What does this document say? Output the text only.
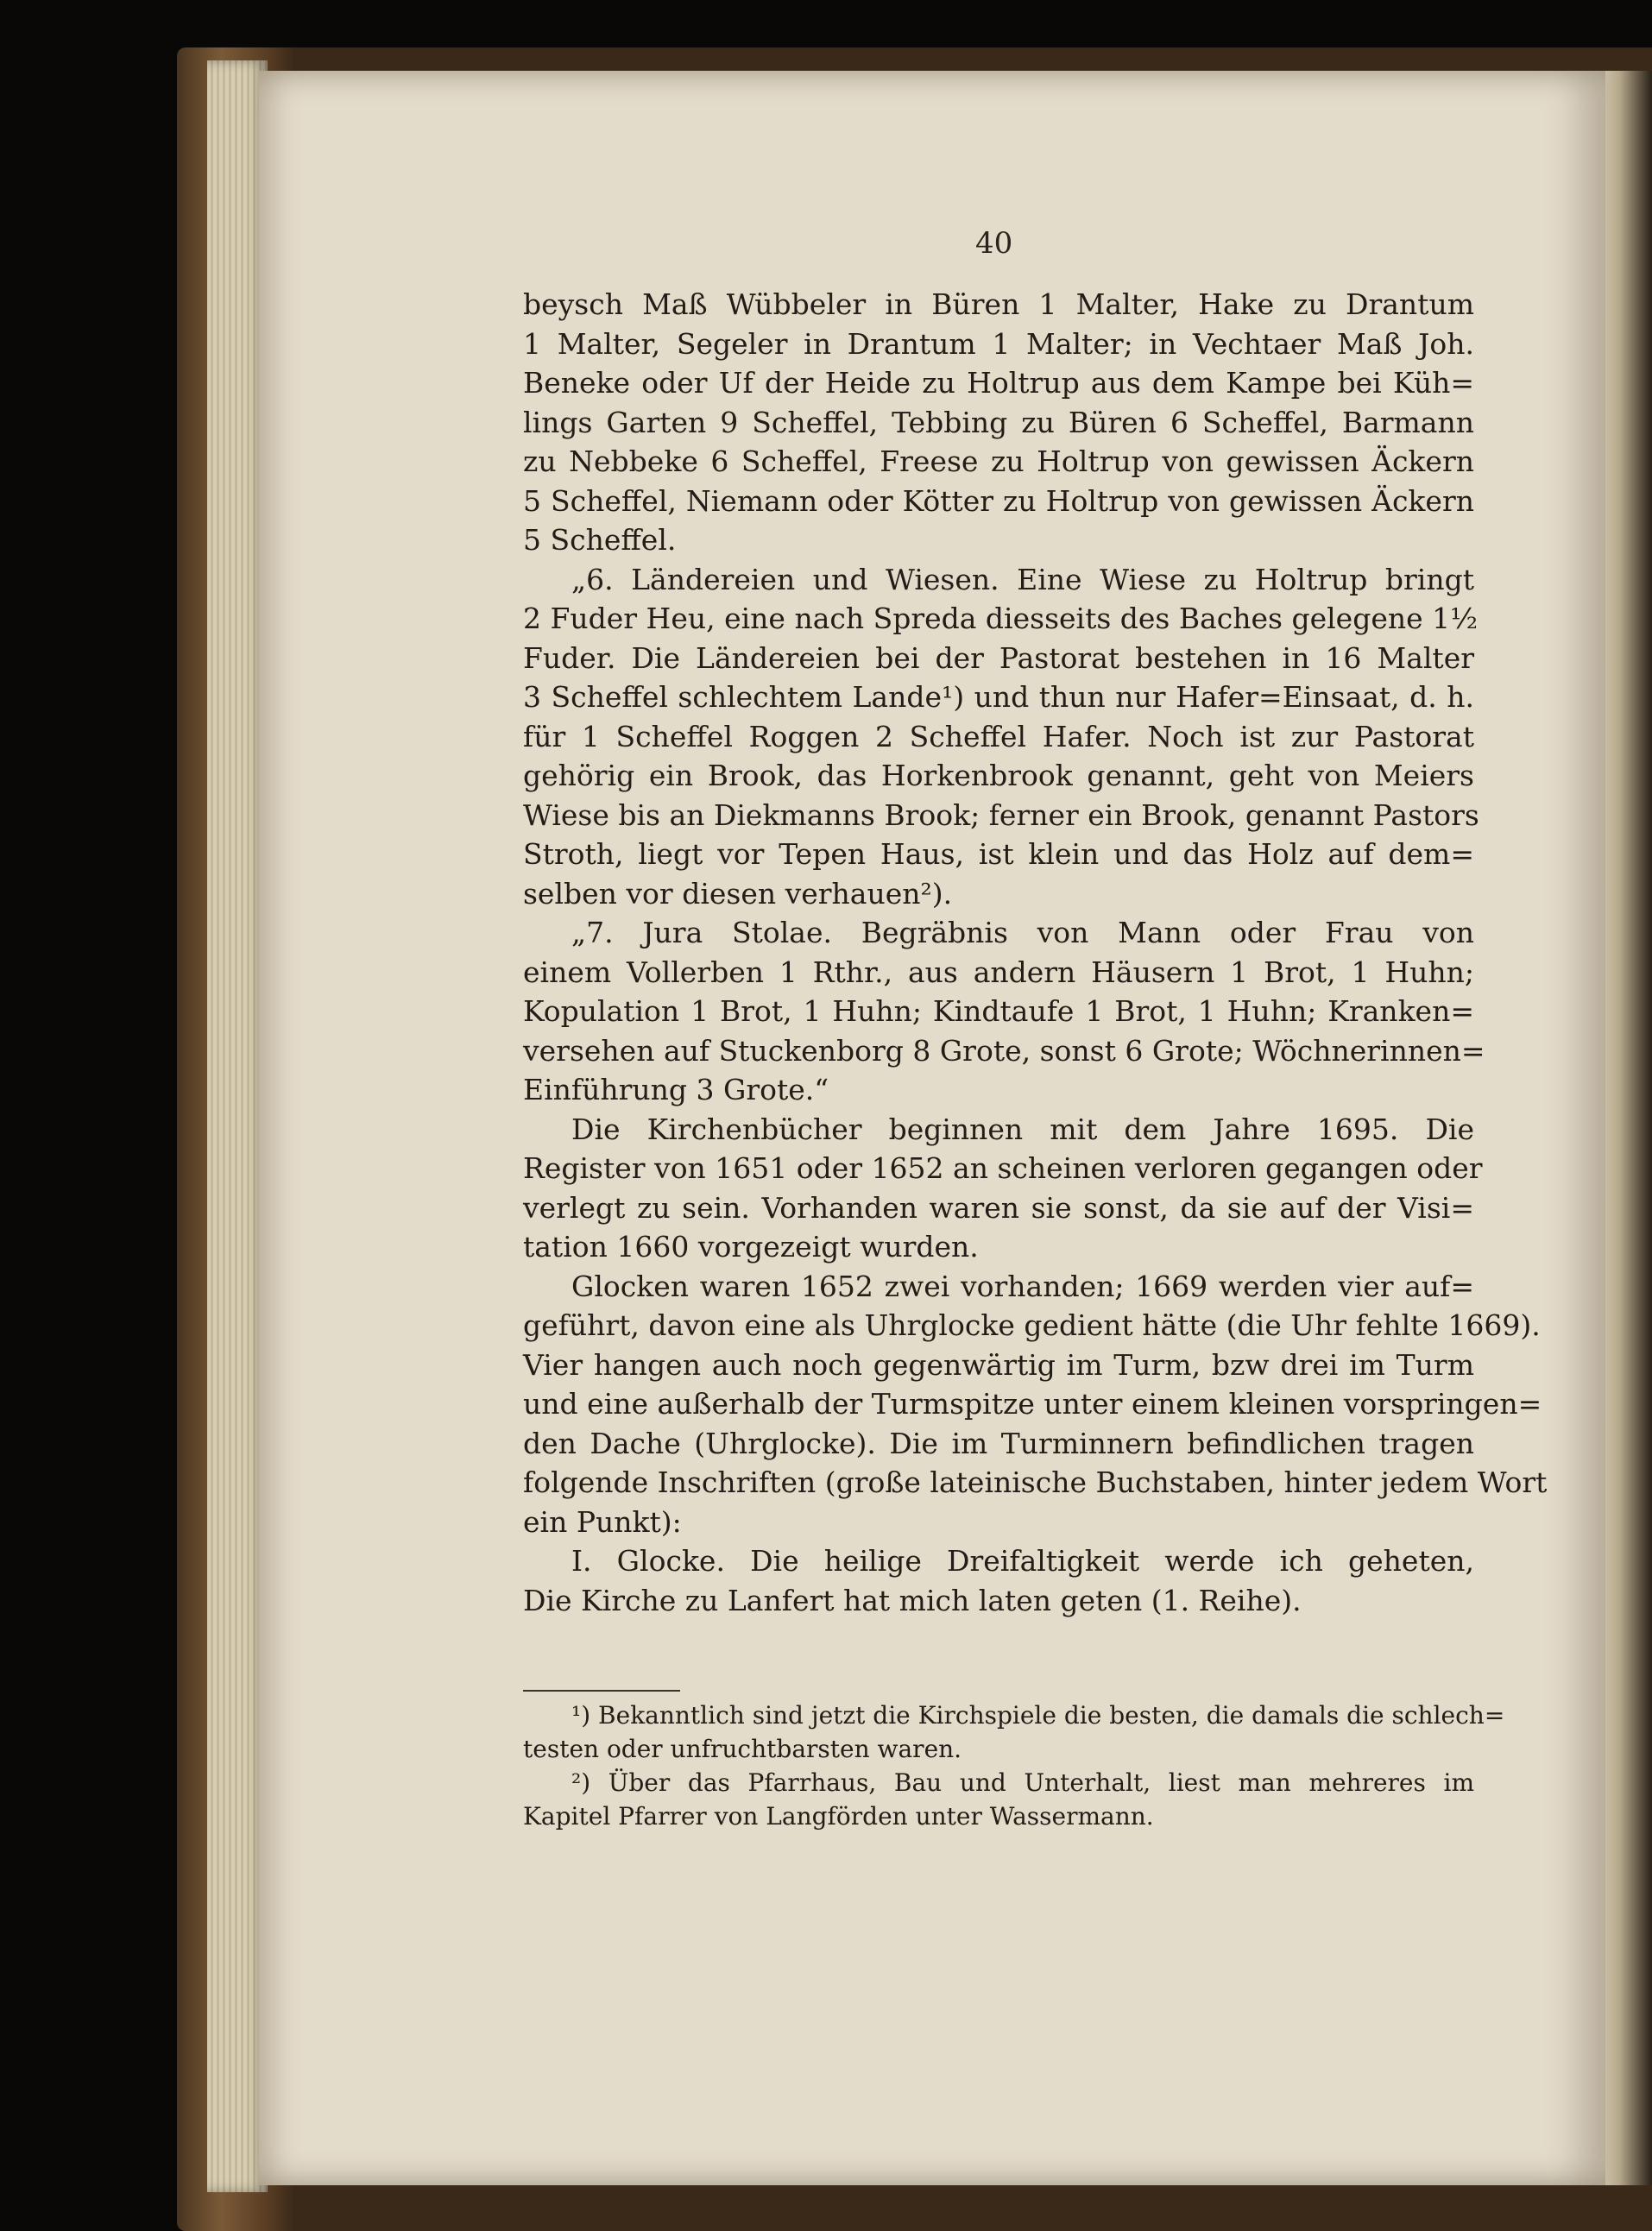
40
beysch Maß Wübbeler in Büren 1 Malter, Hake zu Drantum
1 Malter, Segeler in Drantum 1 Malter; in Vechtaer Maß Joh.
Beneke oder Uf der Heide zu Holtrup aus dem Kampe bei Küh=
lings Garten 9 Scheffel, Tebbing zu Büren 6 Scheffel, Barmann
zu Nebbeke 6 Scheffel, Freese zu Holtrup von gewissen Äckern
5 Scheffel, Niemann oder Kötter zu Holtrup von gewissen Äckern
5 Scheffel.
„6. Ländereien und Wiesen. Eine Wiese zu Holtrup bringt
2 Fuder Heu, eine nach Spreda diesseits des Baches gelegene 1½
Fuder. Die Ländereien bei der Pastorat bestehen in 16 Malter
3 Scheffel schlechtem Lande¹) und thun nur Hafer=Einsaat, d. h.
für 1 Scheffel Roggen 2 Scheffel Hafer. Noch ist zur Pastorat
gehörig ein Brook, das Horkenbrook genannt, geht von Meiers
Wiese bis an Diekmanns Brook; ferner ein Brook, genannt Pastors
Stroth, liegt vor Tepen Haus, ist klein und das Holz auf dem=
selben vor diesen verhauen²).
„7. Jura Stolae. Begräbnis von Mann oder Frau von
einem Vollerben 1 Rthr., aus andern Häusern 1 Brot, 1 Huhn;
Kopulation 1 Brot, 1 Huhn; Kindtaufe 1 Brot, 1 Huhn; Kranken=
versehen auf Stuckenborg 8 Grote, sonst 6 Grote; Wöchnerinnen=
Einführung 3 Grote.“
Die Kirchenbücher beginnen mit dem Jahre 1695. Die
Register von 1651 oder 1652 an scheinen verloren gegangen oder
verlegt zu sein. Vorhanden waren sie sonst, da sie auf der Visi=
tation 1660 vorgezeigt wurden.
Glocken waren 1652 zwei vorhanden; 1669 werden vier auf=
geführt, davon eine als Uhrglocke gedient hätte (die Uhr fehlte 1669).
Vier hangen auch noch gegenwärtig im Turm, bzw drei im Turm
und eine außerhalb der Turmspitze unter einem kleinen vorspringen=
den Dache (Uhrglocke). Die im Turminnern befindlichen tragen
folgende Inschriften (große lateinische Buchstaben, hinter jedem Wort
ein Punkt):
I. Glocke. Die heilige Dreifaltigkeit werde ich geheten,
Die Kirche zu Lanfert hat mich laten geten (1. Reihe).
¹) Bekanntlich sind jetzt die Kirchspiele die besten, die damals die schlech=
testen oder unfruchtbarsten waren.
²) Über das Pfarrhaus, Bau und Unterhalt, liest man mehreres im
Kapitel Pfarrer von Langförden unter Wassermann.
